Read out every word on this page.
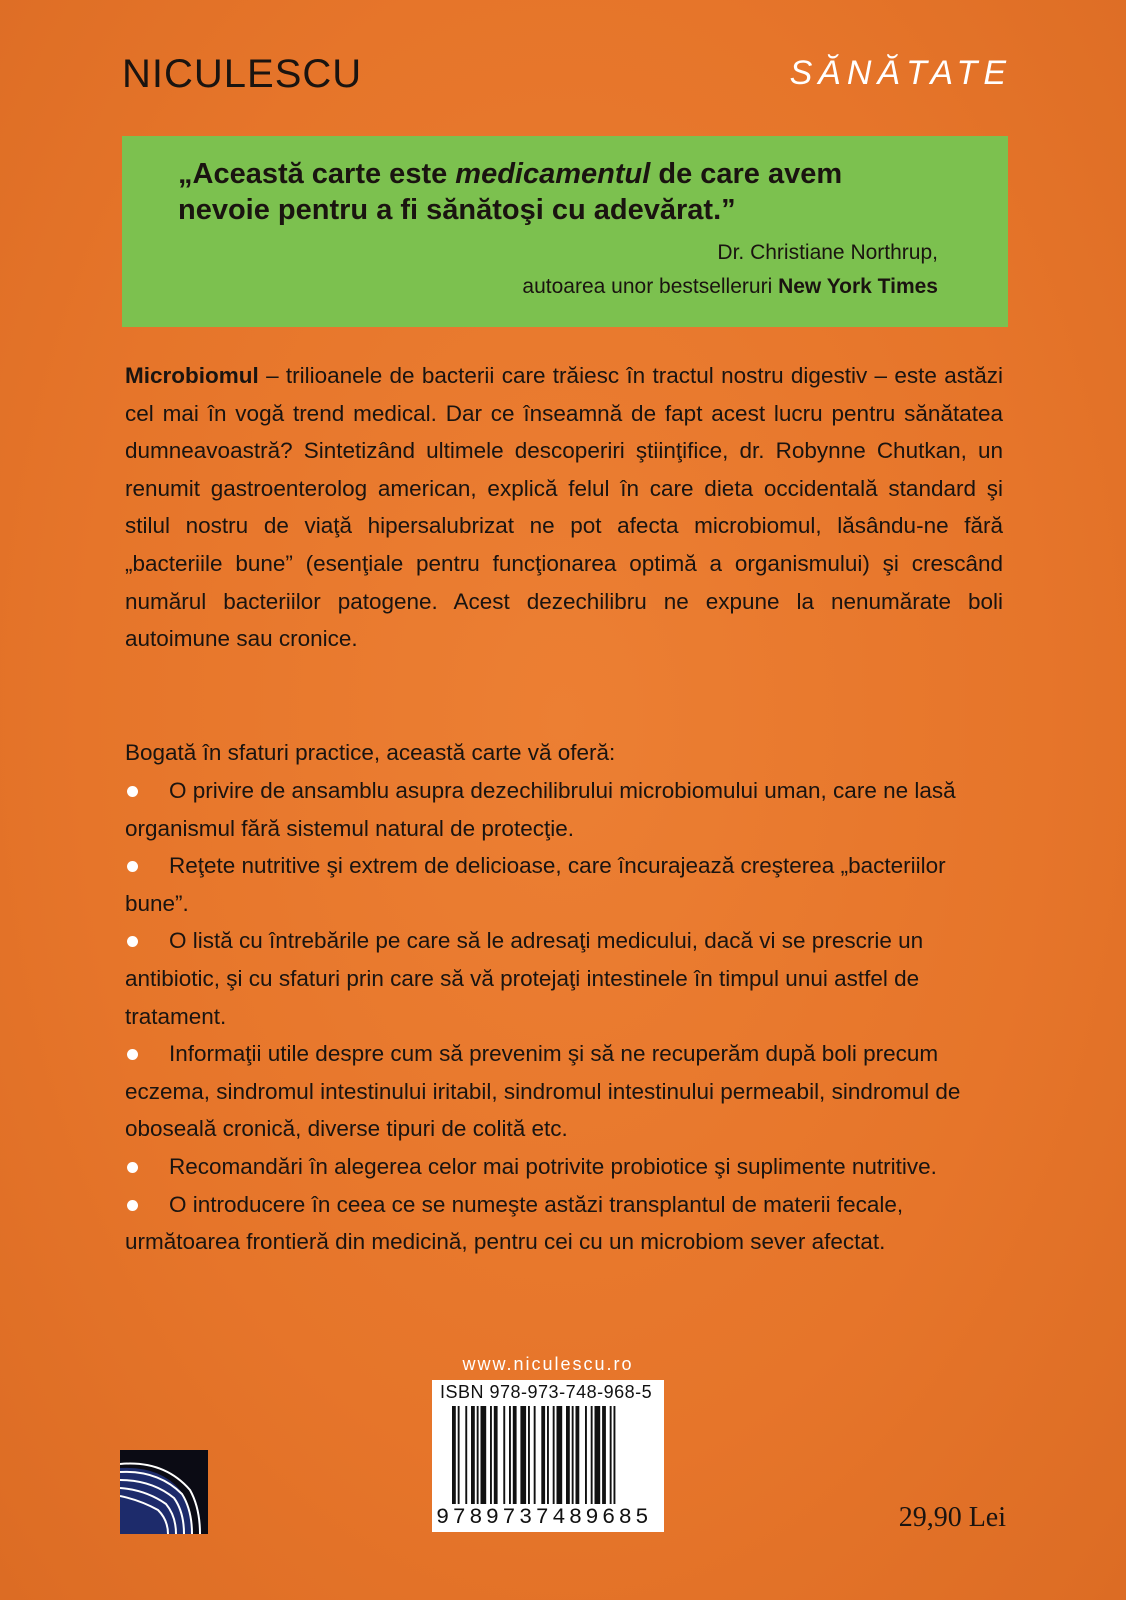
NICULESCU	SĂNĂTATE
„Această carte este medicamentul de care avem nevoie pentru a fi sănătoşi cu adevărat.”
Dr. Christiane Northrup,
autoarea unor bestselleruri New York Times
Microbiomul – trilioanele de bacterii care trăiesc în tractul nostru digestiv – este astăzi cel mai în vogă trend medical. Dar ce înseamnă de fapt acest lucru pentru sănătatea dumneavoastră? Sintetizând ultimele descoperiri ştiinţifice, dr. Robynne Chutkan, un renumit gastroenterolog american, explică felul în care dieta occidentală standard şi stilul nostru de viaţă hipersalubrizat ne pot afecta microbiomul, lăsându-ne fără „bacteriile bune” (esenţiale pentru funcţionarea optimă a organismului) şi crescând numărul bacteriilor patogene. Acest dezechilibru ne expune la nenumărate boli autoimune sau cronice.
Bogată în sfaturi practice, această carte vă oferă:
O privire de ansamblu asupra dezechilibrului microbiomului uman, care ne lasă organismul fără sistemul natural de protecţie.
Reţete nutritive şi extrem de delicioase, care încurajează creşterea „bacteriilor bune”.
O listă cu întrebările pe care să le adresaţi medicului, dacă vi se prescrie un antibiotic, şi cu sfaturi prin care să vă protejaţi intestinele în timpul unui astfel de tratament.
Informaţii utile despre cum să prevenim şi să ne recuperăm după boli precum eczema, sindromul intestinului iritabil, sindromul intestinului permeabil, sindromul de oboseală cronică, diverse tipuri de colită etc.
Recomandări în alegerea celor mai potrivite probiotice şi suplimente nutritive.
O introducere în ceea ce se numeşte astăzi transplantul de materii fecale, următoarea frontieră din medicină, pentru cei cu un microbiom sever afectat.
www.niculescu.ro
ISBN 978-973-748-968-5
9789737489685	29,90 Lei
